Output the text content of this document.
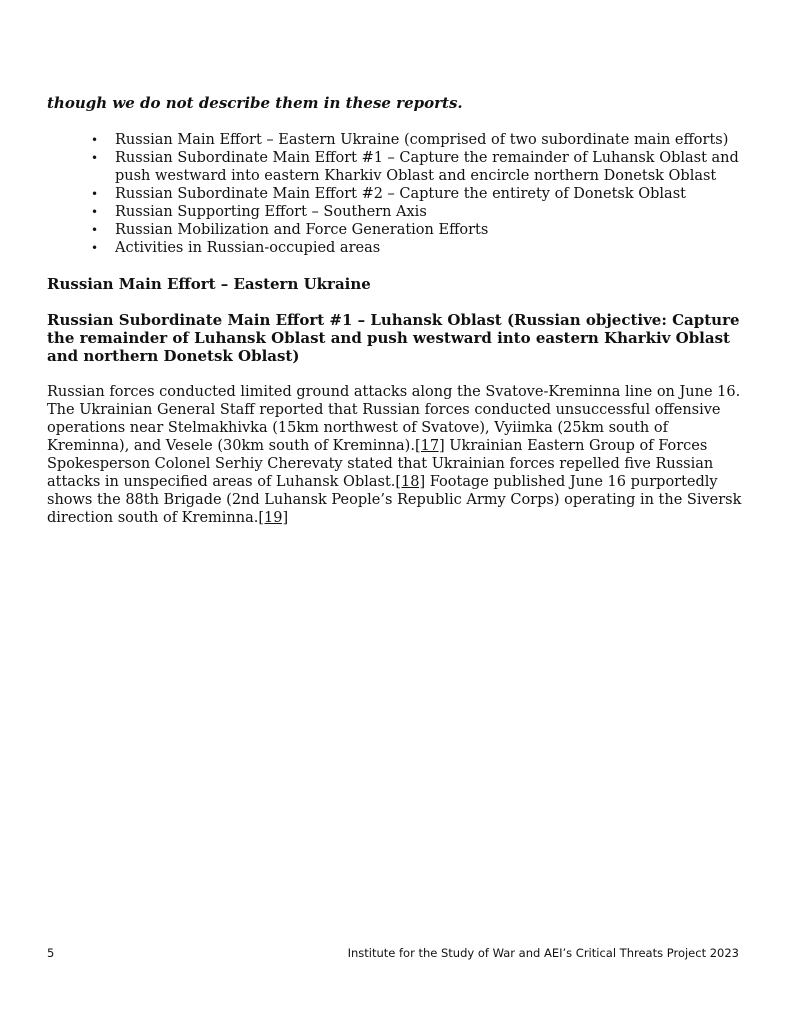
though we do not describe them in these reports.

• Russian Main Effort – Eastern Ukraine (comprised of two subordinate main efforts)
• Russian Subordinate Main Effort #1 – Capture the remainder of Luhansk Oblast and push westward into eastern Kharkiv Oblast and encircle northern Donetsk Oblast
• Russian Subordinate Main Effort #2 – Capture the entirety of Donetsk Oblast
• Russian Supporting Effort – Southern Axis
• Russian Mobilization and Force Generation Efforts
• Activities in Russian-occupied areas
Russian Main Effort – Eastern Ukraine
Russian Subordinate Main Effort #1 – Luhansk Oblast (Russian objective: Capture the remainder of Luhansk Oblast and push westward into eastern Kharkiv Oblast and northern Donetsk Oblast)

Russian forces conducted limited ground attacks along the Svatove-Kreminna line on June 16. The Ukrainian General Staff reported that Russian forces conducted unsuccessful offensive operations near Stelmakhivka (15km northwest of Svatove), Vyiimka (25km south of Kreminna), and Vesele (30km south of Kreminna).[17] Ukrainian Eastern Group of Forces Spokesperson Colonel Serhiy Cherevaty stated that Ukrainian forces repelled five Russian attacks in unspecified areas of Luhansk Oblast.[18] Footage published June 16 purportedly shows the 88th Brigade (2nd Luhansk People’s Republic Army Corps) operating in the Siversk direction south of Kreminna.[19]

5	Institute for the Study of War and AEI’s Critical Threats Project 2023
